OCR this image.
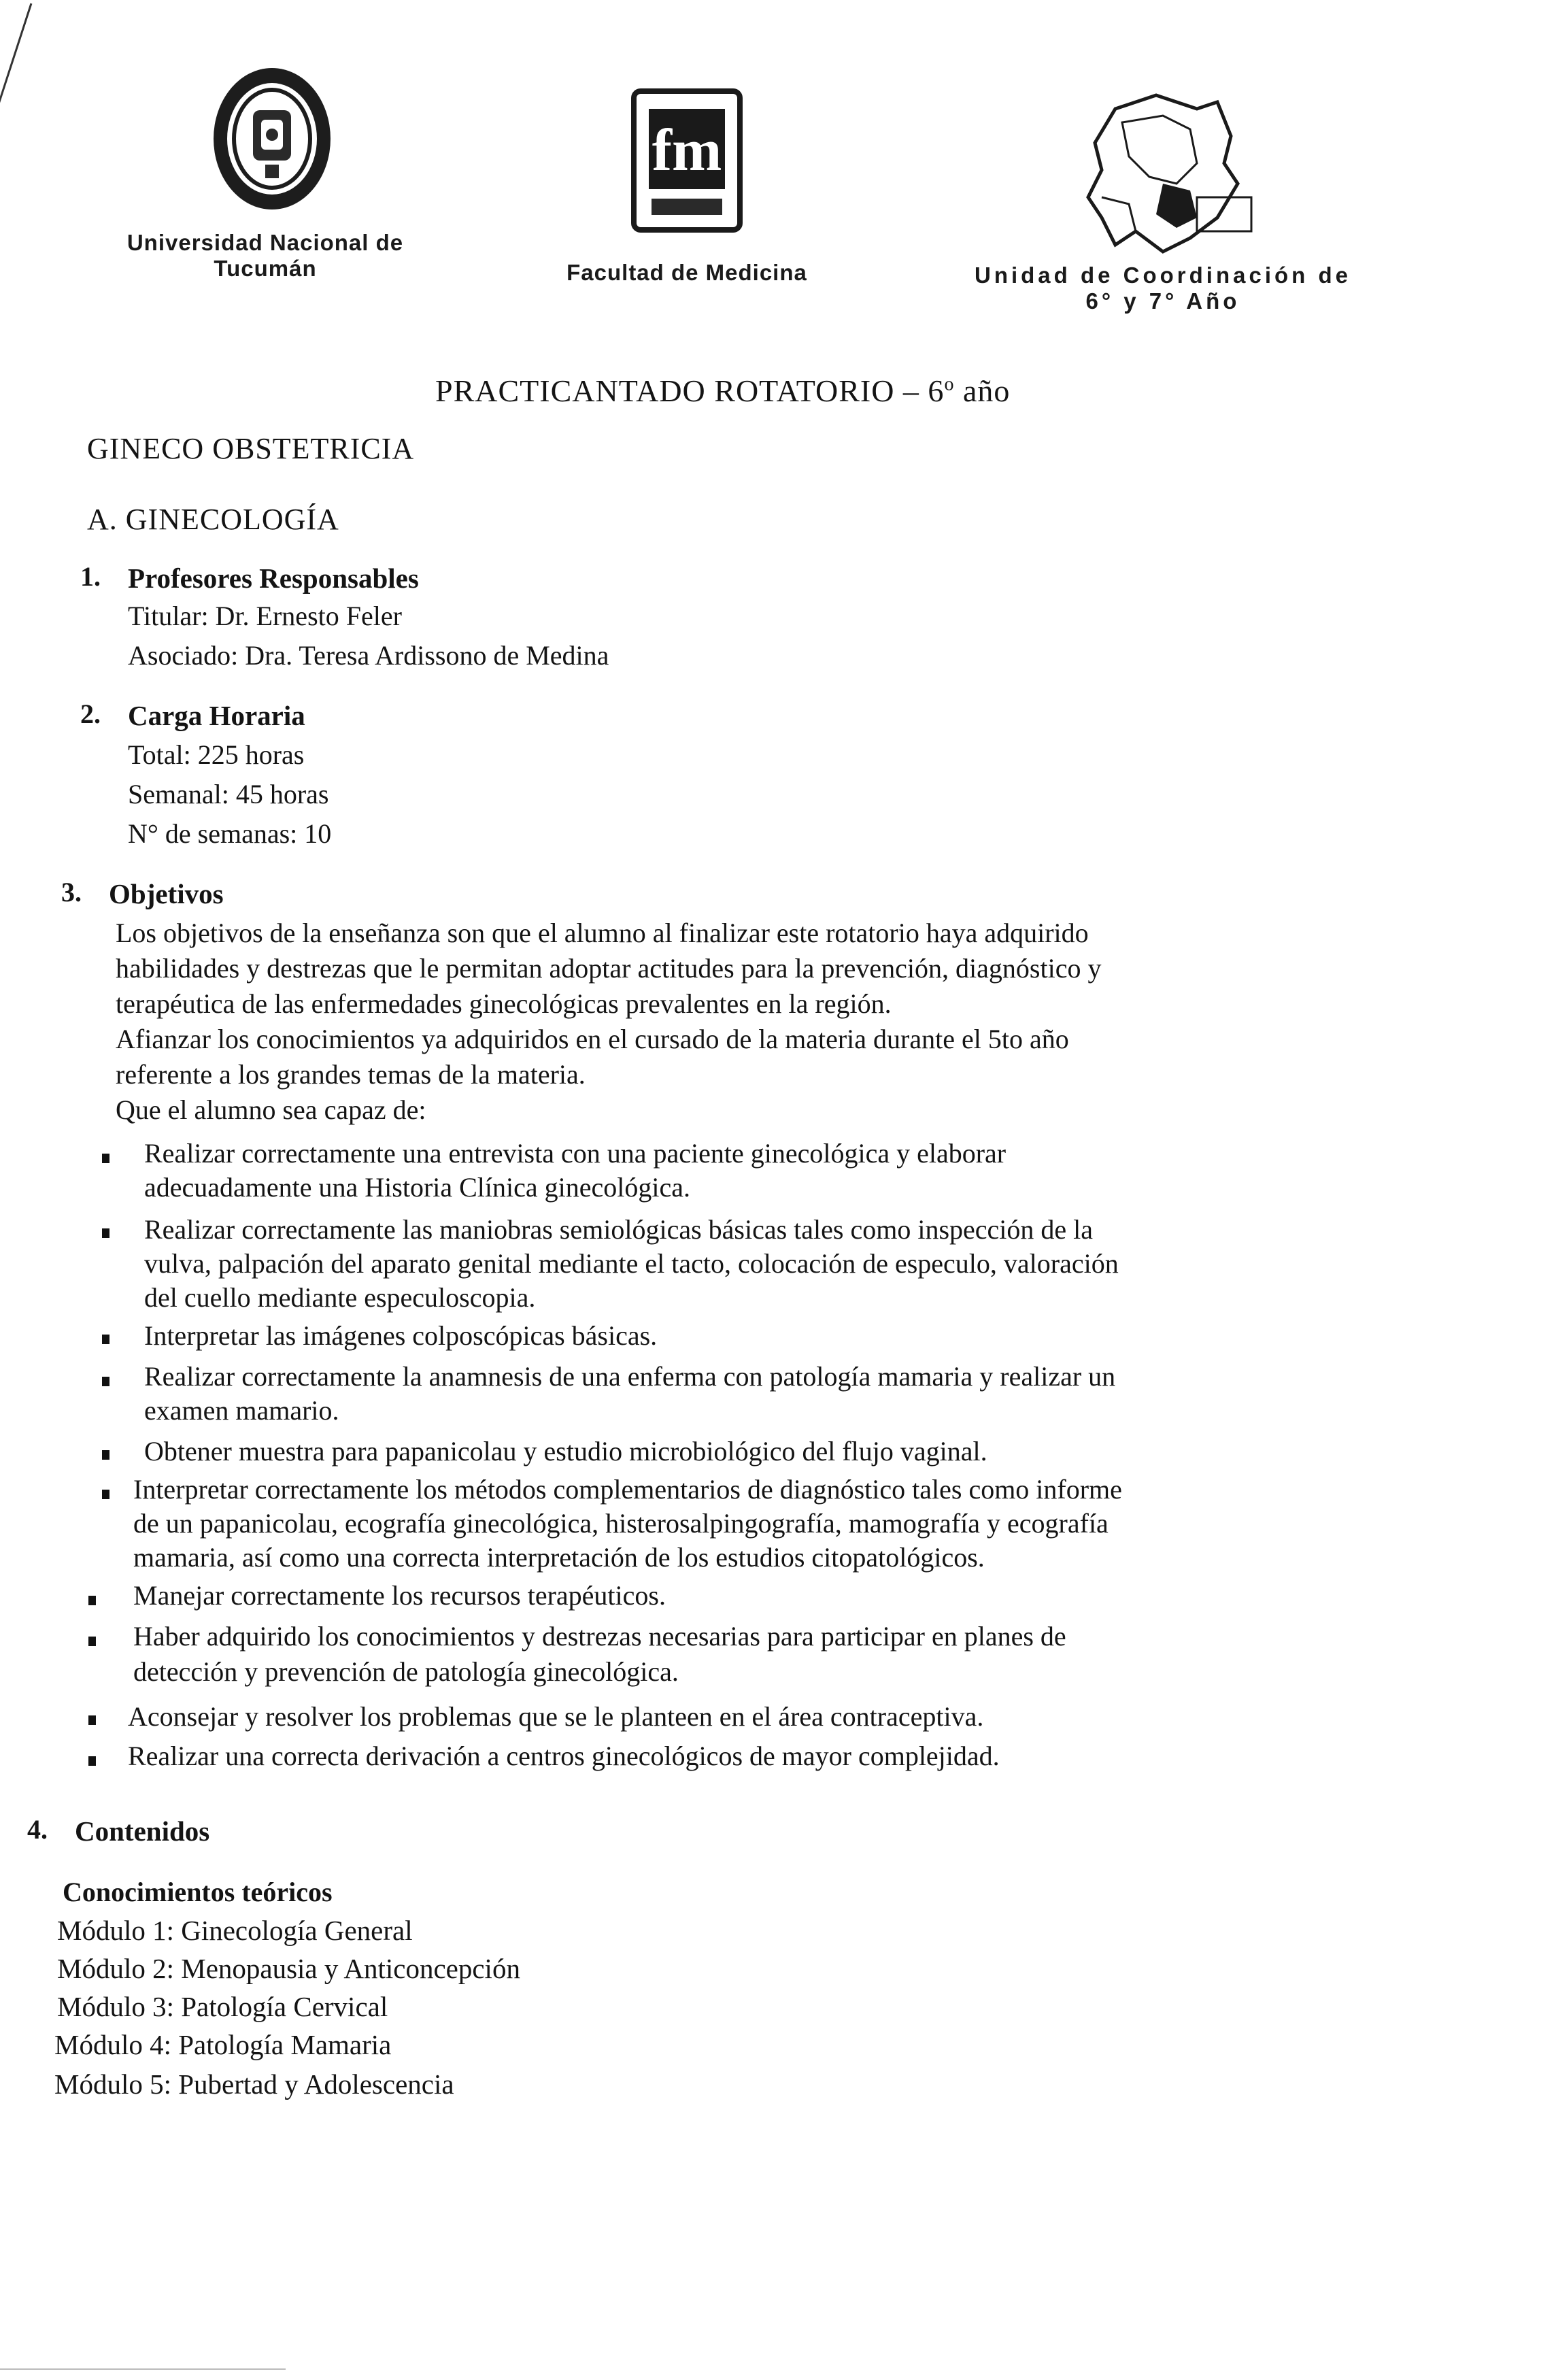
Universidad Nacional de
Tucumán
fm
Facultad de Medicina	Unidad de Coordinación de
6° y 7° Año
PRACTICANTADO ROTATORIO – 6$^o$ año
GINECO OBSTETRICIA
A. GINECOLOGÍA
1. Profesores Responsables
Titular: Dr. Ernesto Feler
Asociado: Dra. Teresa Ardissono de Medina
2. Carga Horaria
Total: 225 horas
Semanal: 45 horas
N° de semanas: 10
3. Objetivos
Los objetivos de la enseñanza son que el alumno al finalizar este rotatorio haya adquirido
habilidades y destrezas que le permitan adoptar actitudes para la prevención, diagnóstico y
terapéutica de las enfermedades ginecológicas prevalentes en la región.
Afianzar los conocimientos ya adquiridos en el cursado de la materia durante el 5to año
referente a los grandes temas de la materia.
Que el alumno sea capaz de:
Realizar correctamente una entrevista con una paciente ginecológica y elaborar
adecuadamente una Historia Clínica ginecológica.
Realizar correctamente las maniobras semiológicas básicas tales como inspección de la
vulva, palpación del aparato genital mediante el tacto, colocación de especulo, valoración
del cuello mediante especuloscopia.
Interpretar las imágenes colposcópicas básicas.
Realizar correctamente la anamnesis de una enferma con patología mamaria y realizar un
examen mamario.
Obtener muestra para papanicolau y estudio microbiológico del flujo vaginal.
Interpretar correctamente los métodos complementarios de diagnóstico tales como informe
de un papanicolau, ecografía ginecológica, histerosalpingografía, mamografía y ecografía
mamaria, así como una correcta interpretación de los estudios citopatológicos.
Manejar correctamente los recursos terapéuticos.
Haber adquirido los conocimientos y destrezas necesarias para participar en planes de
detección y prevención de patología ginecológica.
Aconsejar y resolver los problemas que se le planteen en el área contraceptiva.
Realizar una correcta derivación a centros ginecológicos de mayor complejidad.
4. Contenidos
Conocimientos teóricos
Módulo 1: Ginecología General
Módulo 2: Menopausia y Anticoncepción
Módulo 3: Patología Cervical
Módulo 4: Patología Mamaria
Módulo 5: Pubertad y Adolescencia
